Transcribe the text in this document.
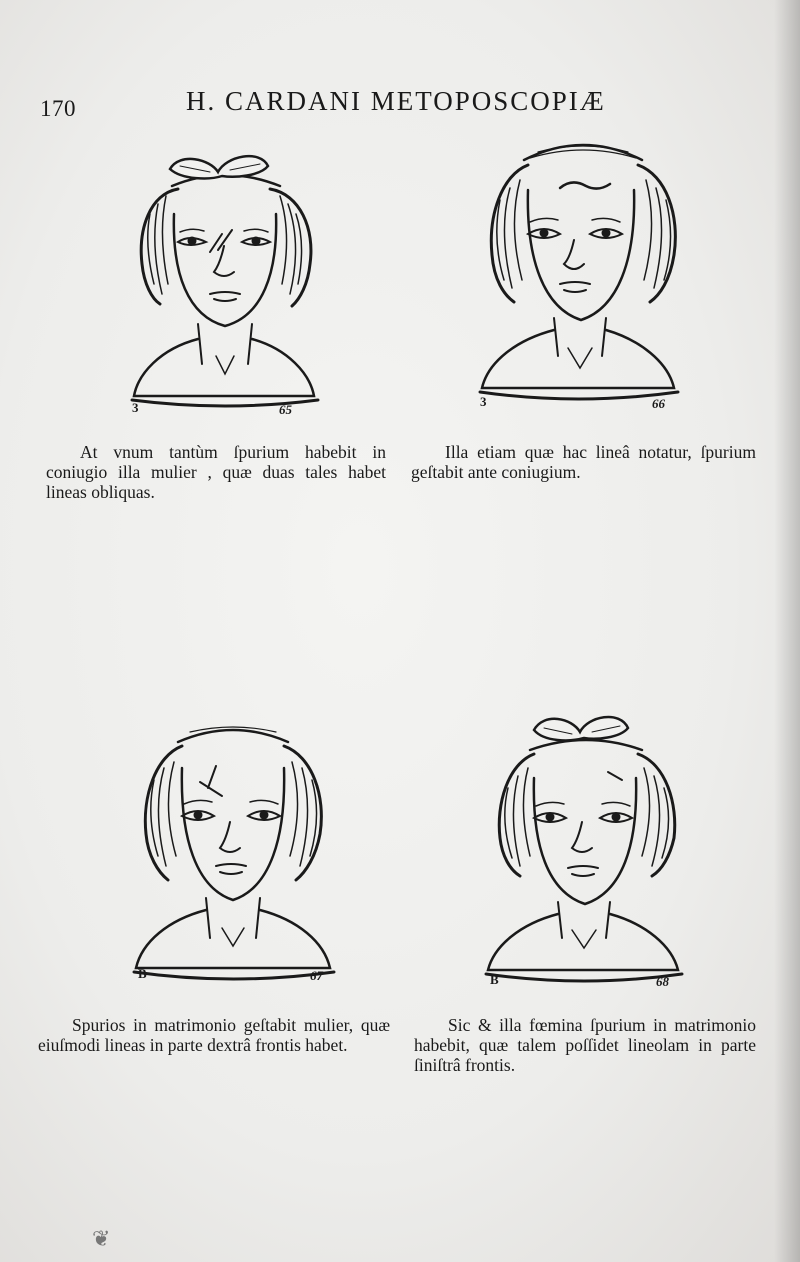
170	H. CARDANI METOPOSCOPIÆ
3	65
At vnum tantùm ſpurium habebit in coniugio illa mulier , quæ duas tales habet lineas obliquas.
3	66
Illa etiam quæ hac lineâ notatur, ſpurium geſtabit ante coniugium.
B	67
Spurios in matrimonio geſtabit mulier, quæ eiuſmodi lineas in parte dextrâ frontis habet.
B	68
Sic & illa fœmina ſpurium in matrimonio habebit, quæ talem poſſidet lineolam in parte ſiniſtrâ frontis.
❦
